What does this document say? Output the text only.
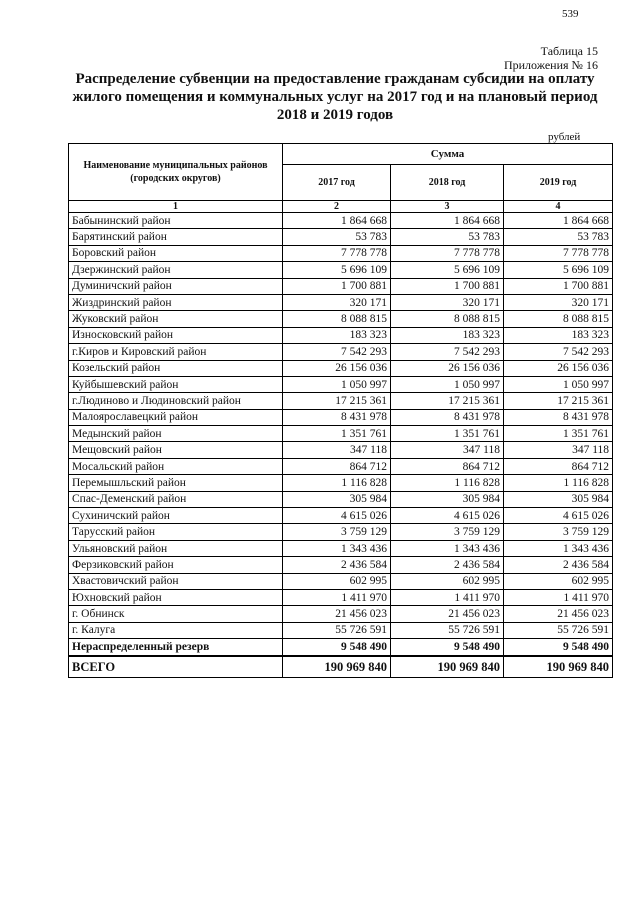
539
Таблица 15
Приложения № 16
Распределение субвенции на предоставление гражданам субсидии на оплату жилого помещения и коммунальных услуг на 2017 год и на плановый период 2018 и 2019 годов
рублей
Наименование муниципальных районов (городских округов)	Сумма		
	2017 год	2018 год	2019 год
1	2	3	4
Бабынинский район	1 864 668	1 864 668	1 864 668
Барятинский район	53 783	53 783	53 783
Боровский район	7 778 778	7 778 778	7 778 778
Дзержинский район	5 696 109	5 696 109	5 696 109
Думиничский район	1 700 881	1 700 881	1 700 881
Жиздринский район	320 171	320 171	320 171
Жуковский район	8 088 815	8 088 815	8 088 815
Износковский район	183 323	183 323	183 323
г.Киров и Кировский район	7 542 293	7 542 293	7 542 293
Козельский район	26 156 036	26 156 036	26 156 036
Куйбышевский район	1 050 997	1 050 997	1 050 997
г.Людиново и Людиновский район	17 215 361	17 215 361	17 215 361
Малоярославецкий район	8 431 978	8 431 978	8 431 978
Медынский район	1 351 761	1 351 761	1 351 761
Мещовский район	347 118	347 118	347 118
Мосальский район	864 712	864 712	864 712
Перемышльский район	1 116 828	1 116 828	1 116 828
Спас-Деменский район	305 984	305 984	305 984
Сухиничский район	4 615 026	4 615 026	4 615 026
Тарусский район	3 759 129	3 759 129	3 759 129
Ульяновский район	1 343 436	1 343 436	1 343 436
Ферзиковский район	2 436 584	2 436 584	2 436 584
Хвастовичский район	602 995	602 995	602 995
Юхновский район	1 411 970	1 411 970	1 411 970
г. Обнинск	21 456 023	21 456 023	21 456 023
г. Калуга	55 726 591	55 726 591	55 726 591
Нераспределенный резерв	9 548 490	9 548 490	9 548 490
ВСЕГО	190 969 840	190 969 840	190 969 840
